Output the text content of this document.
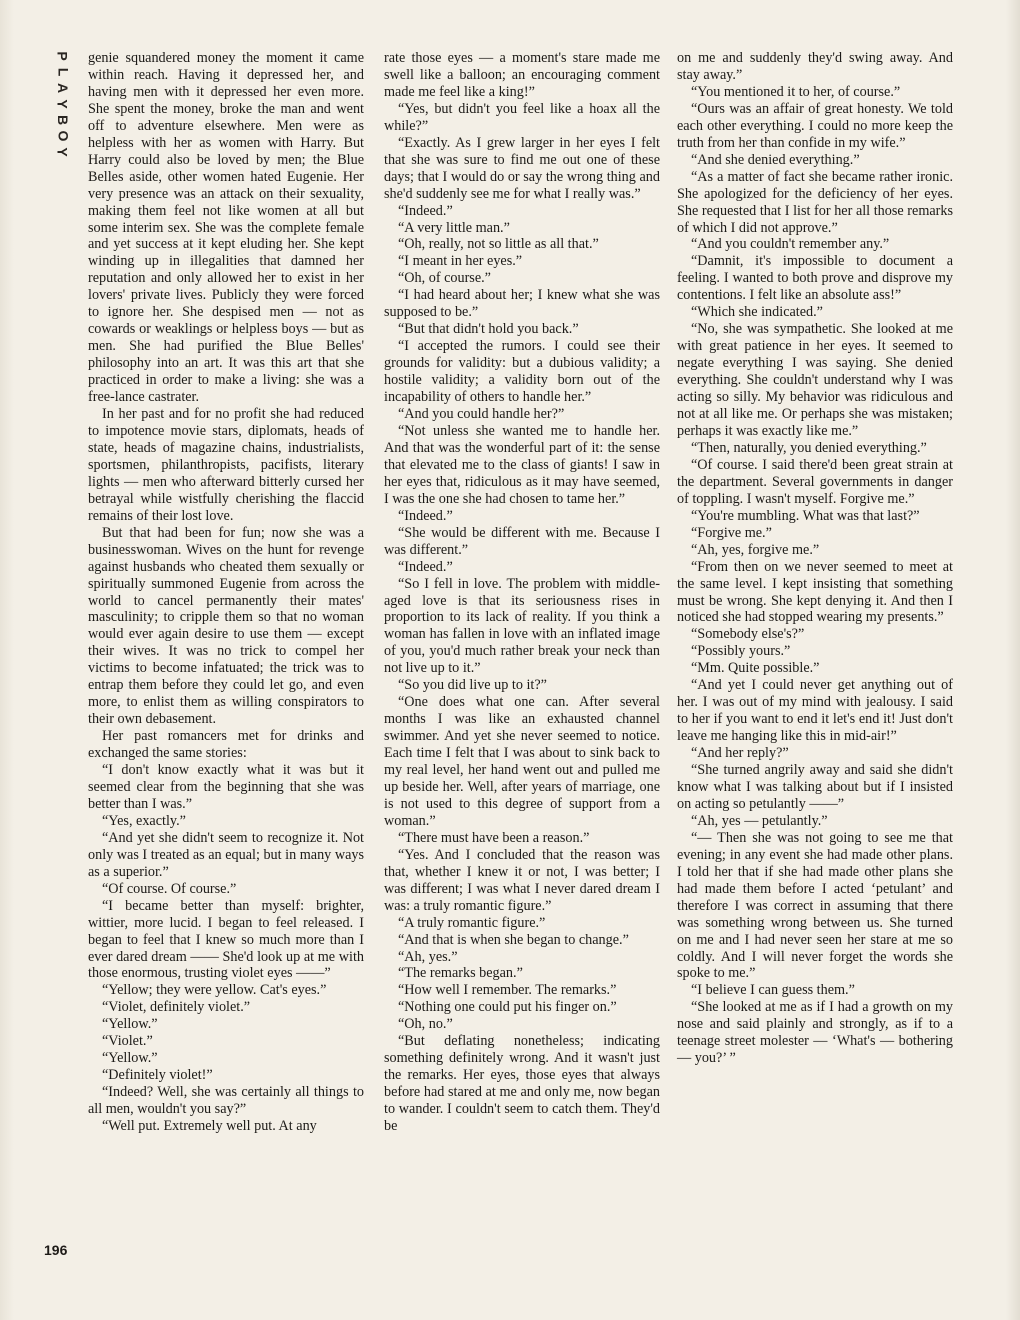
P
L
A
Y
B
O
Y

genie squandered money the moment it came within reach. Having it depressed her, and having men with it depressed her even more. She spent the money, broke the man and went off to adventure elsewhere. Men were as helpless with her as women with Harry. But Harry could also be loved by men; the Blue Belles aside, other women hated Eugenie. Her very presence was an attack on their sexuality, making them feel not like women at all but some interim sex. She was the complete female and yet success at it kept eluding her. She kept winding up in illegalities that damned her reputation and only allowed her to exist in her lovers' private lives. Publicly they were forced to ignore her. She despised men — not as cowards or weaklings or helpless boys — but as men. She had purified the Blue Belles' philosophy into an art. It was this art that she practiced in order to make a living: she was a free-lance castrater.

In her past and for no profit she had reduced to impotence movie stars, diplomats, heads of state, heads of magazine chains, industrialists, sportsmen, philanthropists, pacifists, literary lights — men who afterward bitterly cursed her betrayal while wistfully cherishing the flaccid remains of their lost love.

But that had been for fun; now she was a businesswoman. Wives on the hunt for revenge against husbands who cheated them sexually or spiritually summoned Eugenie from across the world to cancel permanently their mates' masculinity; to cripple them so that no woman would ever again desire to use them — except their wives. It was no trick to compel her victims to become infatuated; the trick was to entrap them before they could let go, and even more, to enlist them as willing conspirators to their own debasement.

Her past romancers met for drinks and exchanged the same stories:

“I don't know exactly what it was but it seemed clear from the beginning that she was better than I was.”

“Yes, exactly.”

“And yet she didn't seem to recognize it. Not only was I treated as an equal; but in many ways as a superior.”

“Of course. Of course.”

“I became better than myself: brighter, wittier, more lucid. I began to feel released. I began to feel that I knew so much more than I ever dared dream —— She'd look up at me with those enormous, trusting violet eyes ——”

“Yellow; they were yellow. Cat's eyes.”

“Violet, definitely violet.”

“Yellow.”

“Violet.”

“Yellow.”

“Definitely violet!”

“Indeed? Well, she was certainly all things to all men, wouldn't you say?”

“Well put. Extremely well put. At any

rate those eyes — a moment's stare made me swell like a balloon; an encouraging comment made me feel like a king!”

“Yes, but didn't you feel like a hoax all the while?”

“Exactly. As I grew larger in her eyes I felt that she was sure to find me out one of these days; that I would do or say the wrong thing and she'd suddenly see me for what I really was.”

“Indeed.”

“A very little man.”

“Oh, really, not so little as all that.”

“I meant in her eyes.”

“Oh, of course.”

“I had heard about her; I knew what she was supposed to be.”

“But that didn't hold you back.”

“I accepted the rumors. I could see their grounds for validity: but a dubious validity; a hostile validity; a validity born out of the incapability of others to handle her.”

“And you could handle her?”

“Not unless she wanted me to handle her. And that was the wonderful part of it: the sense that elevated me to the class of giants! I saw in her eyes that, ridiculous as it may have seemed, I was the one she had chosen to tame her.”

“Indeed.”

“She would be different with me. Because I was different.”

“Indeed.”

“So I fell in love. The problem with middle-aged love is that its seriousness rises in proportion to its lack of reality. If you think a woman has fallen in love with an inflated image of you, you'd much rather break your neck than not live up to it.”

“So you did live up to it?”

“One does what one can. After several months I was like an exhausted channel swimmer. And yet she never seemed to notice. Each time I felt that I was about to sink back to my real level, her hand went out and pulled me up beside her. Well, after years of marriage, one is not used to this degree of support from a woman.”

“There must have been a reason.”

“Yes. And I concluded that the reason was that, whether I knew it or not, I was better; I was different; I was what I never dared dream I was: a truly romantic figure.”

“A truly romantic figure.”

“And that is when she began to change.”

“Ah, yes.”

“The remarks began.”

“How well I remember. The remarks.”

“Nothing one could put his finger on.”

“Oh, no.”

“But deflating nonetheless; indicating something definitely wrong. And it wasn't just the remarks. Her eyes, those eyes that always before had stared at me and only me, now began to wander. I couldn't seem to catch them. They'd be

on me and suddenly they'd swing away. And stay away.”

“You mentioned it to her, of course.”

“Ours was an affair of great honesty. We told each other everything. I could no more keep the truth from her than confide in my wife.”

“And she denied everything.”

“As a matter of fact she became rather ironic. She apologized for the deficiency of her eyes. She requested that I list for her all those remarks of which I did not approve.”

“And you couldn't remember any.”

“Damnit, it's impossible to document a feeling. I wanted to both prove and disprove my contentions. I felt like an absolute ass!”

“Which she indicated.”

“No, she was sympathetic. She looked at me with great patience in her eyes. It seemed to negate everything I was saying. She denied everything. She couldn't understand why I was acting so silly. My behavior was ridiculous and not at all like me. Or perhaps she was mistaken; perhaps it was exactly like me.”

“Then, naturally, you denied everything.”

“Of course. I said there'd been great strain at the department. Several governments in danger of toppling. I wasn't myself. Forgive me.”

“You're mumbling. What was that last?”

“Forgive me.”

“Ah, yes, forgive me.”

“From then on we never seemed to meet at the same level. I kept insisting that something must be wrong. She kept denying it. And then I noticed she had stopped wearing my presents.”

“Somebody else's?”

“Possibly yours.”

“Mm. Quite possible.”

“And yet I could never get anything out of her. I was out of my mind with jealousy. I said to her if you want to end it let's end it! Just don't leave me hanging like this in mid-air!”

“And her reply?”

“She turned angrily away and said she didn't know what I was talking about but if I insisted on acting so petulantly ——”

“Ah, yes — petulantly.”

“— Then she was not going to see me that evening; in any event she had made other plans. I told her that if she had made other plans she had made them before I acted ‘petulant’ and therefore I was correct in assuming that there was something wrong between us. She turned on me and I had never seen her stare at me so coldly. And I will never forget the words she spoke to me.”

“I believe I can guess them.”

“She looked at me as if I had a growth on my nose and said plainly and strongly, as if to a teenage street molester — ‘What's — bothering — you?’ ”

196
